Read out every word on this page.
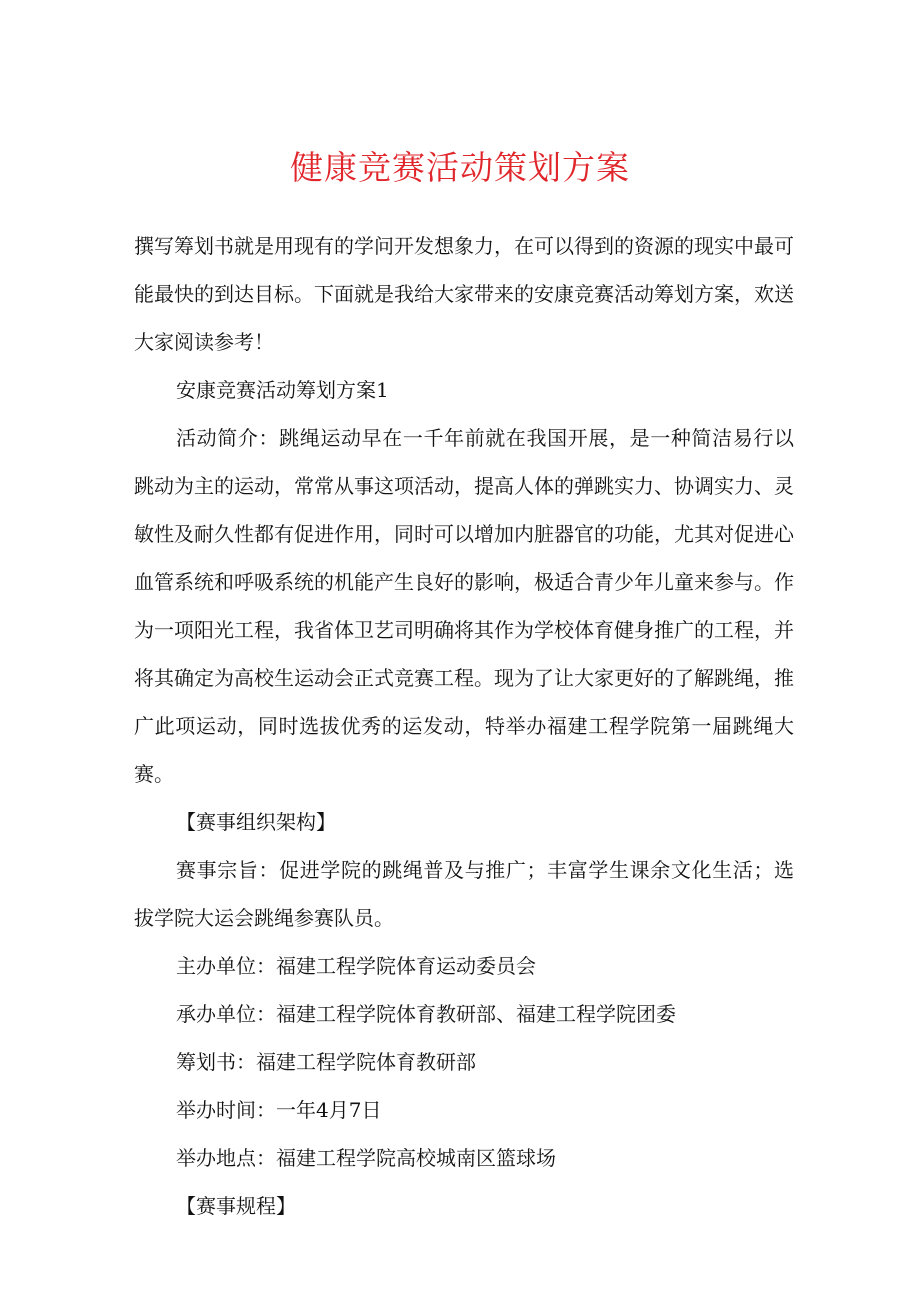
健康竞赛活动策划方案

撰写筹划书就是用现有的学问开发想象力，在可以得到的资源的现实中最可能最快的到达目标。下面就是我给大家带来的安康竞赛活动筹划方案，欢送大家阅读参考！

安康竞赛活动筹划方案1

活动简介：跳绳运动早在一千年前就在我国开展，是一种简洁易行以跳动为主的运动，常常从事这项活动，提高人体的弹跳实力、协调实力、灵敏性及耐久性都有促进作用，同时可以增加内脏器官的功能，尤其对促进心血管系统和呼吸系统的机能产生良好的影响，极适合青少年儿童来参与。作为一项阳光工程，我省体卫艺司明确将其作为学校体育健身推广的工程，并将其确定为高校生运动会正式竞赛工程。现为了让大家更好的了解跳绳，推广此项运动，同时选拔优秀的运发动，特举办福建工程学院第一届跳绳大赛。

【赛事组织架构】

赛事宗旨：促进学院的跳绳普及与推广；丰富学生课余文化生活；选拔学院大运会跳绳参赛队员。

主办单位：福建工程学院体育运动委员会

承办单位：福建工程学院体育教研部、福建工程学院团委

筹划书：福建工程学院体育教研部

举办时间：一年4月7日

举办地点：福建工程学院高校城南区篮球场

【赛事规程】
